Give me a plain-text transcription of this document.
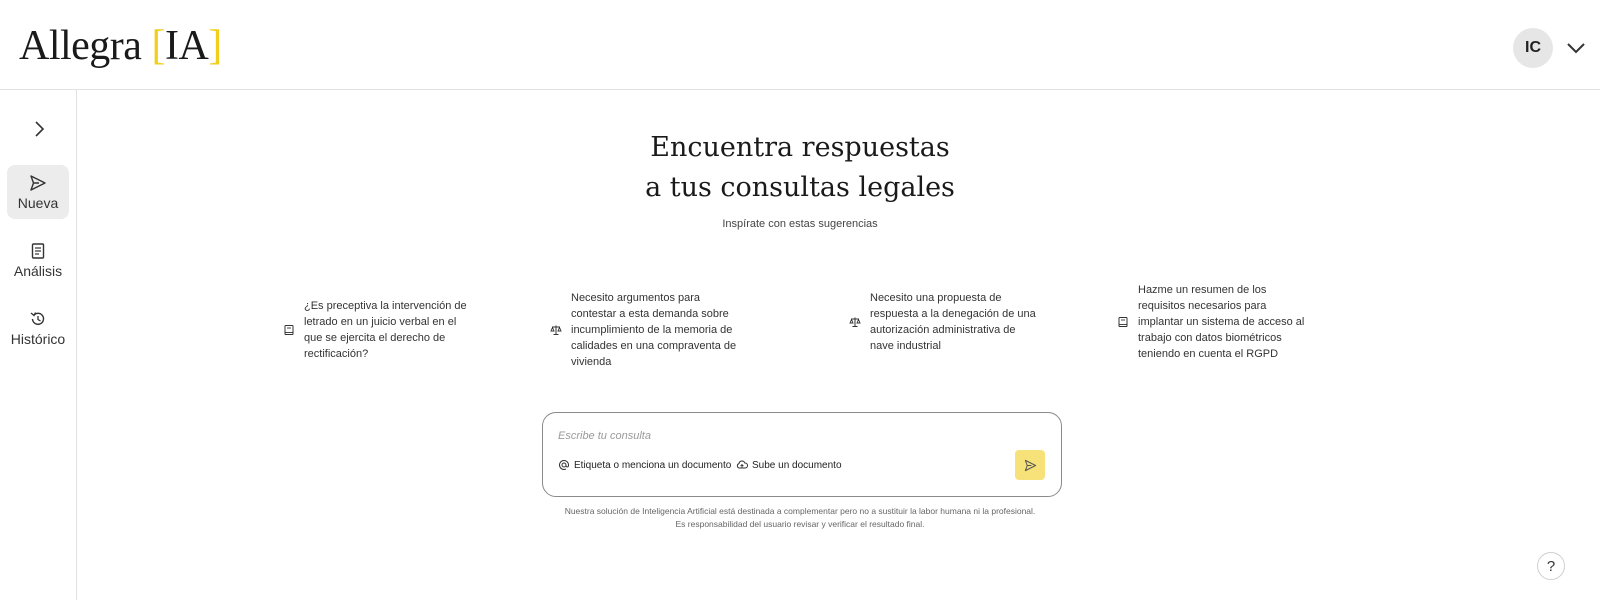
Allegra [IA]	IC
Nueva
Análisis
Histórico
Encuentra respuestas
a tus consultas legales
Inspírate con estas sugerencias
¿Es preceptiva la intervención de letrado en un juicio verbal en el que se ejercita el derecho de rectificación?
Necesito argumentos para contestar a esta demanda sobre incumplimiento de la memoria de calidades en una compraventa de vivienda
Necesito una propuesta de respuesta a la denegación de una autorización administrativa de nave industrial
Hazme un resumen de los requisitos necesarios para implantar un sistema de acceso al trabajo con datos biométricos teniendo en cuenta el RGPD
Escribe tu consulta
Etiqueta o menciona un documento Sube un documento
Nuestra solución de Inteligencia Artificial está destinada a complementar pero no a sustituir la labor humana ni la profesional. Es responsabilidad del usuario revisar y verificar el resultado final.
?
